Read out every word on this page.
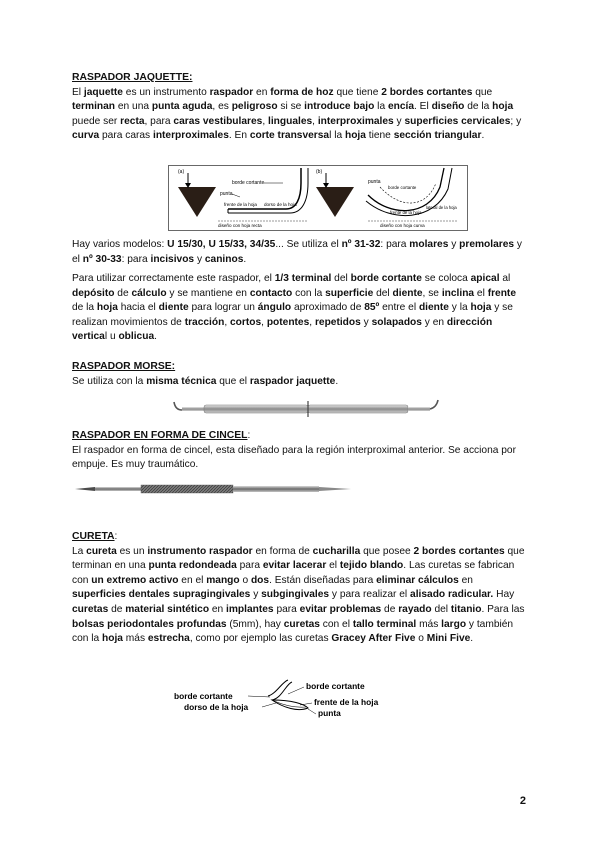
RASPADOR JAQUETTE:

El jaquette es un instrumento raspador en forma de hoz que tiene 2 bordes cortantes que terminan en una punta aguda, es peligroso si se introduce bajo la encía. El diseño de la hoja puede ser recta, para caras vestibulares, linguales, interproximales y superficies cervicales; y curva para caras interproximales. En corte transversal la hoja tiene sección triangular.

(a)
borde cortante
punta
frente de la hoja dorso de la hoja
diseño con hoja recta
(b)
punta
borde cortante
frente de la hoja
lateral de la hoja
diseño con hoja curva

Hay varios modelos: U 15/30, U 15/33, 34/35... Se utiliza el nº 31-32: para molares y premolares y el nº 30-33: para incisivos y caninos.

Para utilizar correctamente este raspador, el 1/3 terminal del borde cortante se coloca apical al depósito de cálculo y se mantiene en contacto con la superficie del diente, se inclina el frente de la hoja hacia el diente para lograr un ángulo aproximado de 85º entre el diente y la hoja y se realizan movimientos de tracción, cortos, potentes, repetidos y solapados y en dirección vertical u oblicua.

RASPADOR MORSE:

Se utiliza con la misma técnica que el raspador jaquette.

RASPADOR EN FORMA DE CINCEL:

El raspador en forma de cincel, esta diseñado para la región interproximal anterior. Se acciona por empuje. Es muy traumático.

CURETA:

La cureta es un instrumento raspador en forma de cucharilla que posee 2 bordes cortantes que terminan en una punta redondeada para evitar lacerar el tejido blando. Las curetas se fabrican con un extremo activo en el mango o dos. Están diseñadas para eliminar cálculos en superficies dentales supragingivales y subgingivales y para realizar el alisado radicular. Hay curetas de material sintético en implantes para evitar problemas de rayado del titanio. Para las bolsas periodontales profundas (5mm), hay curetas con el tallo terminal más largo y también con la hoja más estrecha, como por ejemplo las curetas Gracey After Five o Mini Five.

borde cortante
dorso de la hoja
borde cortante
frente de la hoja
punta
2
